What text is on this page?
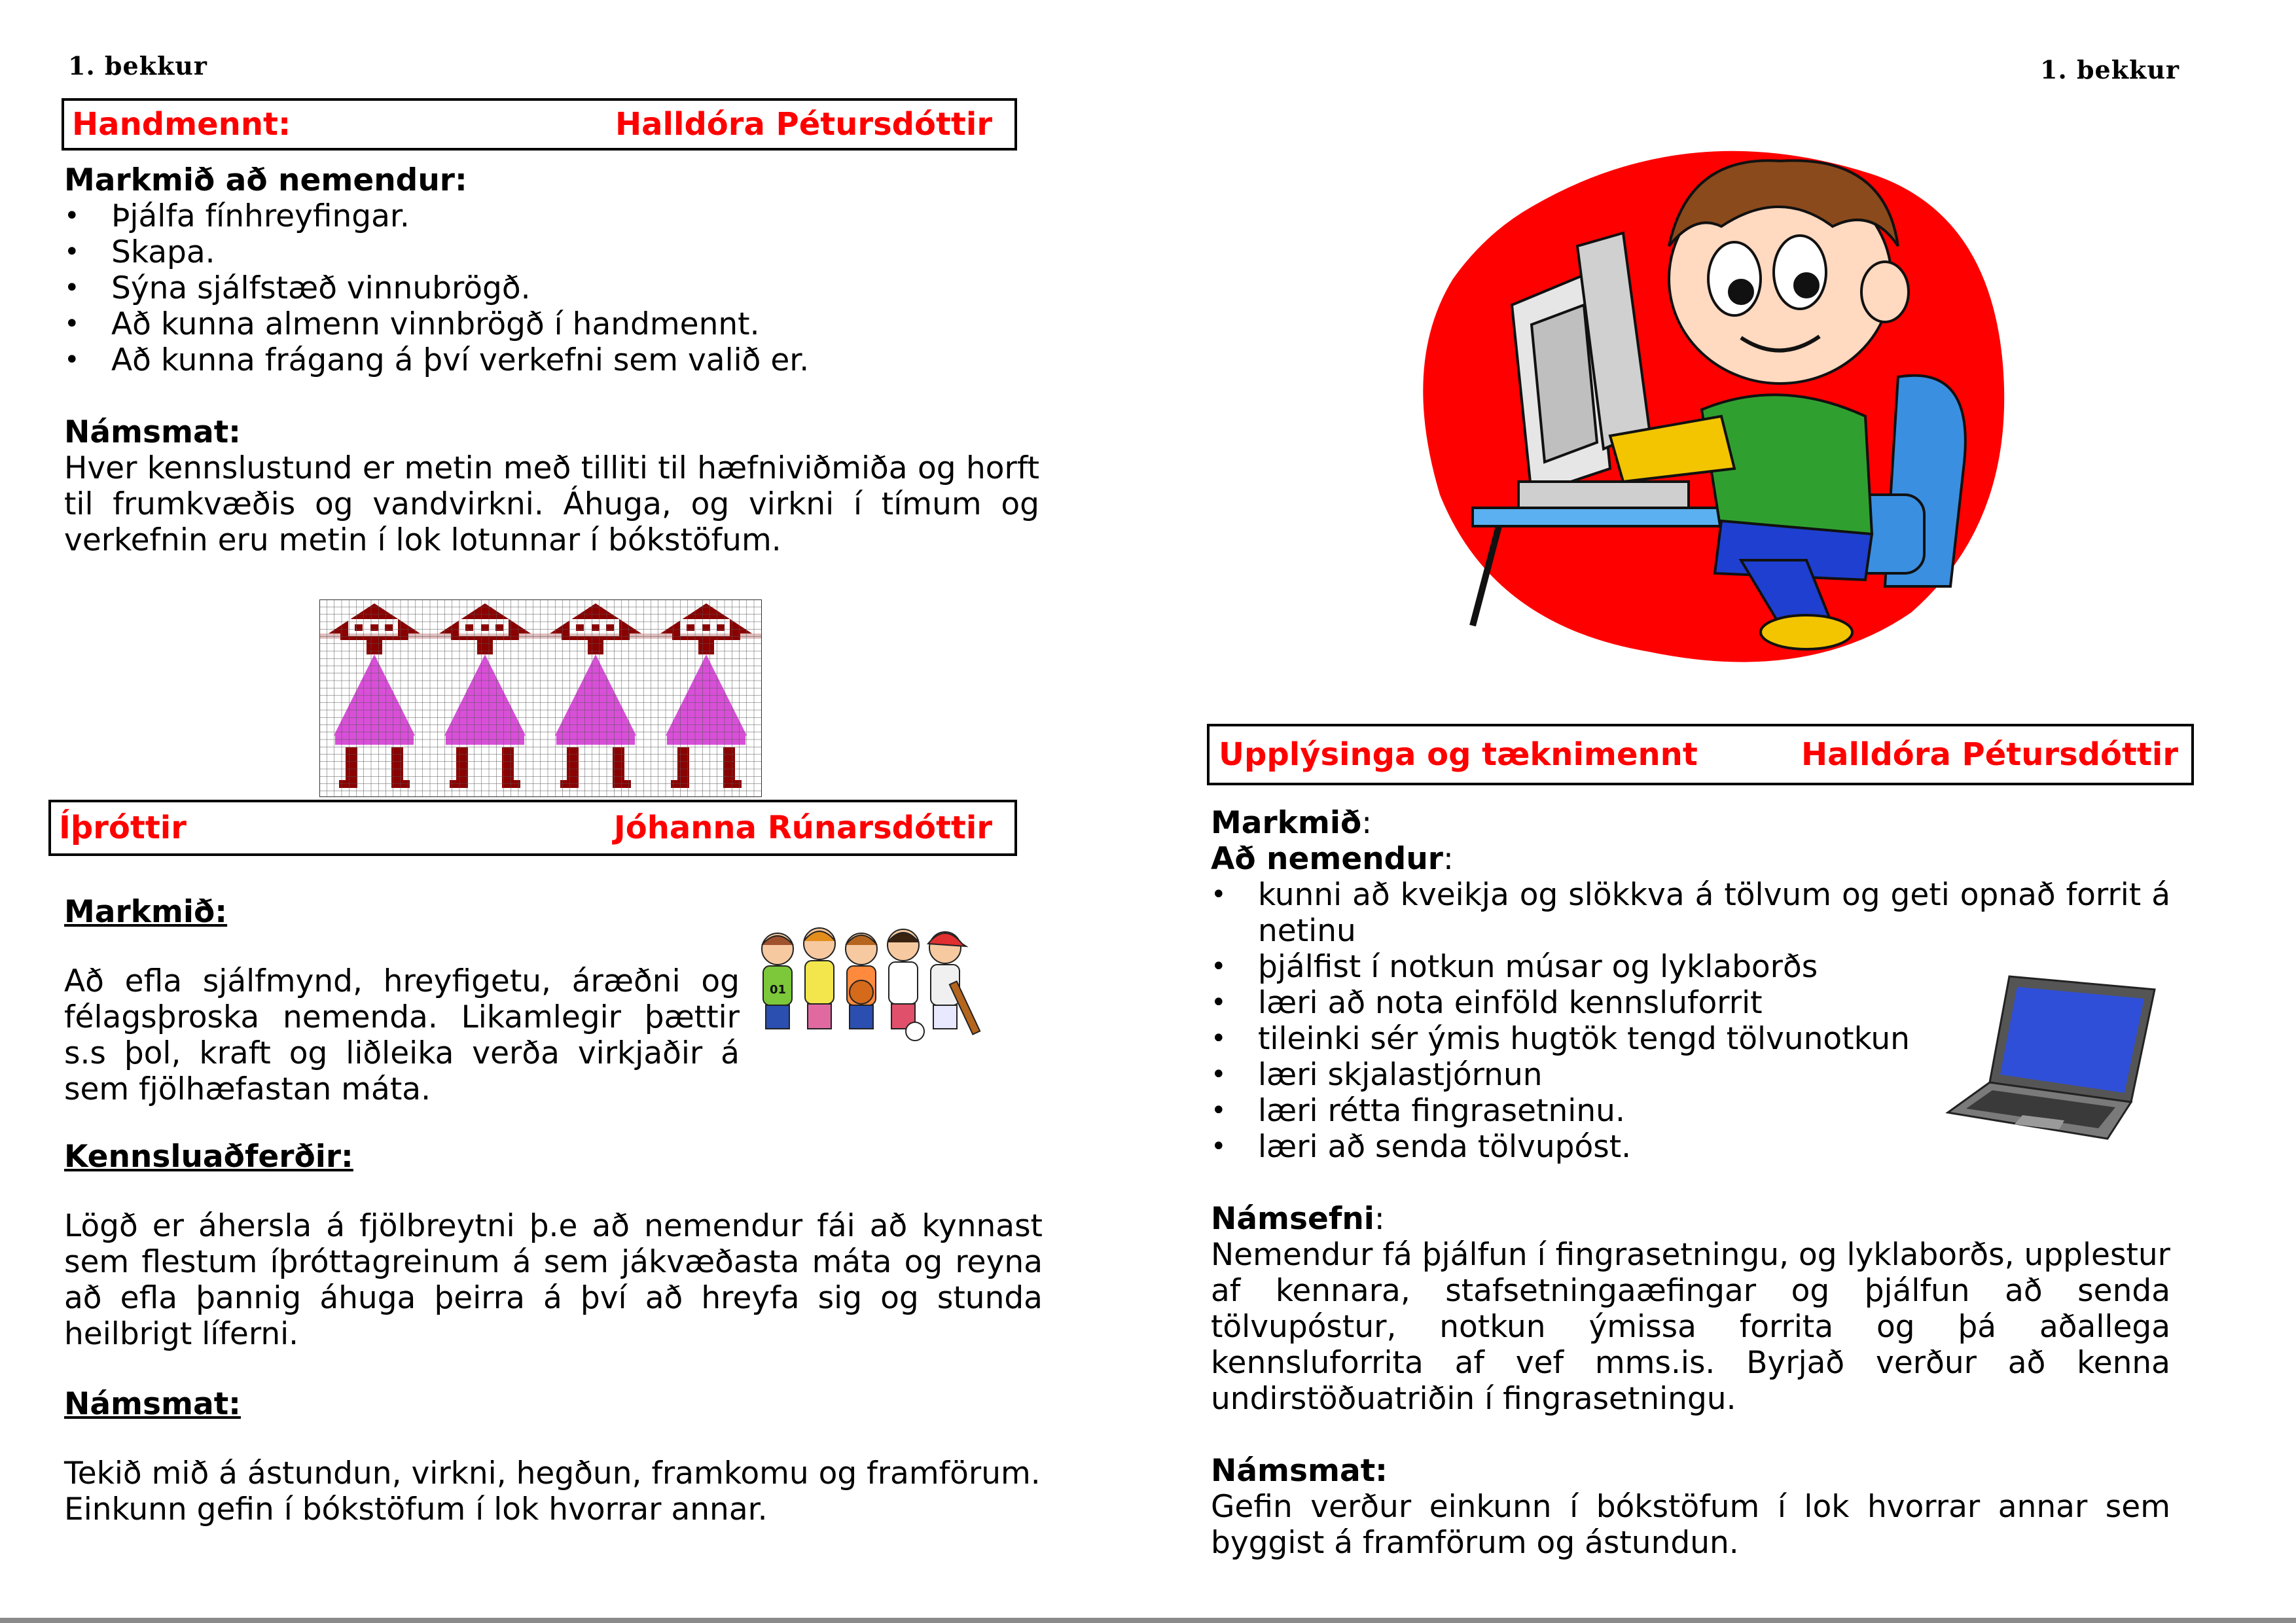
1. bekkur
Handmennt:	Halldóra Pétursdóttir
Markmið að nemendur:
• Þjálfa fínhreyfingar.
• Skapa.
• Sýna sjálfstæð vinnubrögð.
• Að kunna almenn vinnbrögð í handmennt.
• Að kunna frágang á því verkefni sem valið er.
Námsmat:
Hver kennslustund er metin með tilliti til hæfniviðmiða og horft til frumkvæðis og vandvirkni. Áhuga, og virkni í tímum og verkefnin eru metin í lok lotunnar í bókstöfum.
Íþróttir	Jóhanna Rúnarsdóttir
Markmið:
Að efla sjálfmynd, hreyfigetu, áræðni og félagsþroska nemenda. Likamlegir þættir s.s þol, kraft og liðleika verða virkjaðir á sem fjölhæfastan máta.
01
Kennsluaðferðir:
Lögð er áhersla á fjölbreytni þ.e að nemendur fái að kynnast sem flestum íþróttagreinum á sem jákvæðasta máta og reyna að efla þannig áhuga þeirra á því að hreyfa sig og stunda heilbrigt líferni.
Námsmat:
Tekið mið á ástundun, virkni, hegðun, framkomu og framförum.
Einkunn gefin í bókstöfum í lok hvorrar annar.
1. bekkur
Upplýsinga og tæknimennt	Halldóra Pétursdóttir
Markmið:
Að nemendur:
• kunni að kveikja og slökkva á tölvum og geti opnað forrit á netinu
• þjálfist í notkun músar og lyklaborðs
• læri að nota einföld kennsluforrit
• tileinki sér ýmis hugtök tengd tölvunotkun
• læri skjalastjórnun
• læri rétta fingrasetninu.
• læri að senda tölvupóst.
Námsefni:
Nemendur fá þjálfun í fingrasetningu, og lyklaborðs, upplestur af kennara, stafsetningaæfingar og þjálfun að senda tölvupóstur, notkun ýmissa forrita og þá aðallega kennsluforrita af vef mms.is. Byrjað verður að kenna undirstöðuatriðin í fingrasetningu.
Námsmat:
Gefin verður einkunn í bókstöfum í lok hvorrar annar sem byggist á framförum og ástundun.
